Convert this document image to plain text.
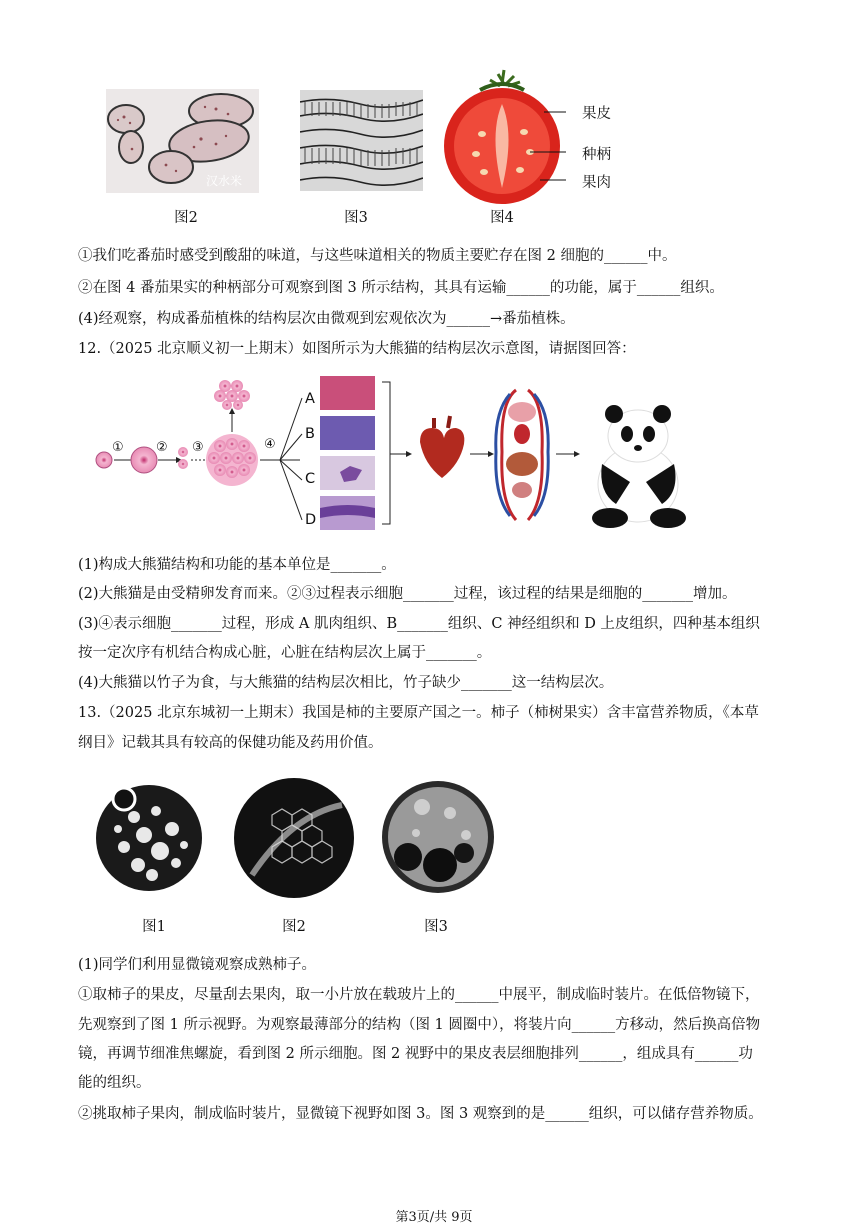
汉水米
果皮
种柄
果肉
图2	图3	图4
①我们吃番茄时感受到酸甜的味道，与这些味道相关的物质主要贮存在图 2 细胞的______中。
②在图 4 番茄果实的种柄部分可观察到图 3 所示结构，其具有运输______的功能，属于______组织。
(4)经观察，构成番茄植株的结构层次由微观到宏观依次为______→番茄植株。
12.（2025 北京顺义初一上期末）如图所示为大熊猫的结构层次示意图，请据图回答：
① ② ③	④
A
B
C
D
(1)构成大熊猫结构和功能的基本单位是_______。
(2)大熊猫是由受精卵发育而来。②③过程表示细胞_______过程，该过程的结果是细胞的_______增加。
(3)④表示细胞_______过程，形成 A 肌肉组织、B_______组织、C 神经组织和 D 上皮组织，四种基本组织
按一定次序有机结合构成心脏，心脏在结构层次上属于_______。
(4)大熊猫以竹子为食，与大熊猫的结构层次相比，竹子缺少_______这一结构层次。
13.（2025 北京东城初一上期末）我国是柿的主要原产国之一。柿子（柿树果实）含丰富营养物质，《本草
纲目》记载其具有较高的保健功能及药用价值。
图1	图2	图3
(1)同学们利用显微镜观察成熟柿子。
①取柿子的果皮，尽量刮去果肉，取一小片放在载玻片上的______中展平，制成临时装片。在低倍物镜下，
先观察到了图 1 所示视野。为观察最薄部分的结构（图 1 圆圈中），将装片向______方移动，然后换高倍物
镜，再调节细准焦螺旋，看到图 2 所示细胞。图 2 视野中的果皮表层细胞排列______，组成具有______功
能的组织。
②挑取柿子果肉，制成临时装片，显微镜下视野如图 3。图 3 观察到的是______组织，可以储存营养物质。
第3页/共 9页
